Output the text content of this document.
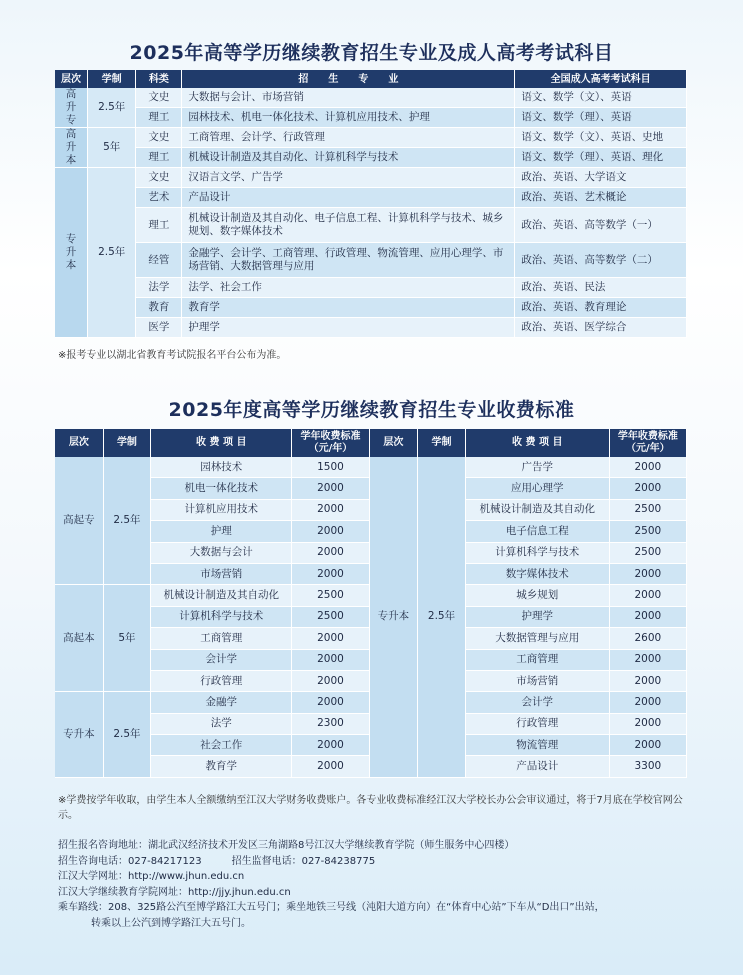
2025年高等学历继续教育招生专业及成人高考考试科目
层次	学制	科类	招　　生　　专　　业	全国成人高考考试科目
高升专	2.5年	文史	大数据与会计、市场营销	语文、数学（文）、英语
		理工	园林技术、机电一体化技术、计算机应用技术、护理	语文、数学（理）、英语
高升本	5年	文史	工商管理、会计学、行政管理	语文、数学（文）、英语、史地
		理工	机械设计制造及其自动化、计算机科学与技术	语文、数学（理）、英语、理化
专升本	2.5年	文史	汉语言文学、广告学	政治、英语、大学语文
		艺术	产品设计	政治、英语、艺术概论
		理工	机械设计制造及其自动化、电子信息工程、计算机科学与技术、城乡规划、数字媒体技术	政治、英语、高等数学（一）
		经管	金融学、会计学、工商管理、行政管理、物流管理、应用心理学、市场营销、大数据管理与应用	政治、英语、高等数学（二）
		法学	法学、社会工作	政治、英语、民法
		教育	教育学	政治、英语、教育理论
		医学	护理学	政治、英语、医学综合
※报考专业以湖北省教育考试院报名平台公布为准。
2025年度高等学历继续教育招生专业收费标准
层次	学制	收 费 项 目	学年收费标准
（元/年）	层次	学制	收 费 项 目	学年收费标准
（元/年）
高起专	2.5年	园林技术	1500	专升本	2.5年	广告学	2000
		机电一体化技术	2000			应用心理学	2000
		计算机应用技术	2000			机械设计制造及其自动化	2500
		护理	2000			电子信息工程	2500
		大数据与会计	2000			计算机科学与技术	2500
		市场营销	2000			数字媒体技术	2000
高起本	5年	机械设计制造及其自动化	2500			城乡规划	2000
		计算机科学与技术	2500			护理学	2000
		工商管理	2000			大数据管理与应用	2600
		会计学	2000			工商管理	2000
		行政管理	2000			市场营销	2000
专升本	2.5年	金融学	2000			会计学	2000
		法学	2300			行政管理	2000
		社会工作	2000			物流管理	2000
		教育学	2000			产品设计	3300
※学费按学年收取，由学生本人全额缴纳至江汉大学财务收费账户。各专业收费标准经江汉大学校长办公会审议通过，将于7月底在学校官网公示。
招生报名咨询地址：湖北武汉经济技术开发区三角湖路8号江汉大学继续教育学院（师生服务中心四楼）
招生咨询电话：027-84217123	招生监督电话：027-84238775
江汉大学网址：http://www.jhun.edu.cn
江汉大学继续教育学院网址：http://jjy.jhun.edu.cn
乘车路线：208、325路公汽至博学路江大五号门；乘坐地铁三号线（沌阳大道方向）在“体育中心站”下车从“D出口”出站，
转乘以上公汽到博学路江大五号门。
